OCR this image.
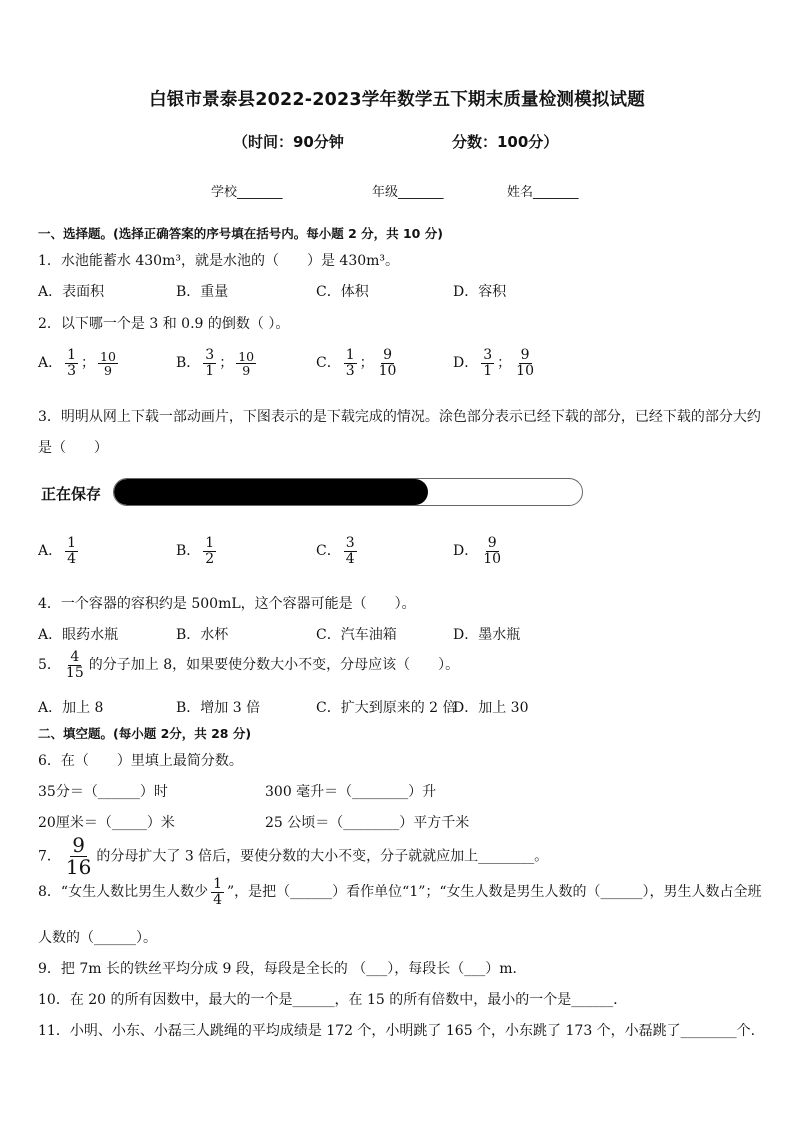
白银市景泰县2022-2023学年数学五下期末质量检测模拟试题
（时间：90分钟	分数：100分）
学校_______	年级_______	姓名_______
一、选择题。(选择正确答案的序号填在括号内。每小题 2 分，共 10 分)
1．水池能蓄水 430m³，就是水池的（　　）是 430m³。
A．表面积	B．重量	C．体积	D．容积
2．以下哪一个是 3 和 0.9 的倒数（ ）。
A． $\frac{1}{3}$ ； $\frac{10}{9}$	B． $\frac{3}{1}$ ； $\frac{10}{9}$	C． $\frac{1}{3}$ ； $\frac{9}{10}$	D． $\frac{3}{1}$ ； $\frac{9}{10}$
3．明明从网上下载一部动画片，下图表示的是下载完成的情况。涂色部分表示已经下载的部分，已经下载的部分大约
是（　　）
正在保存
A． $\frac{1}{4}$	B． $\frac{1}{2}$	C． $\frac{3}{4}$	D． $\frac{9}{10}$
4．一个容器的容积约是 500mL，这个容器可能是（　　）。
A．眼药水瓶	B．水杯	C．汽车油箱	D．墨水瓶
5． $\frac{4}{15}$ 的分子加上 8，如果要使分数大小不变，分母应该（　　）。
A．加上 8	B．增加 3 倍	C．扩大到原来的 2 倍
D．加上 30
二、填空题。(每小题 2分，共 28 分)
6．在（　　）里填上最简分数。
35分＝（______）时	300 毫升＝（________）升
20厘米＝（_____）米	25 公顷＝（________）平方千米
7． $\frac{9}{16}$ 的分母扩大了 3 倍后，要使分数的大小不变，分子就就应加上________。
8．“女生人数比男生人数少 $\frac{1}{4}$ ”，是把（______）看作单位“1”；“女生人数是男生人数的（______），男生人数占全班
人数的（______）。
9．把 7m 长的铁丝平均分成 9 段，每段是全长的 （___），每段长（___）m．
10．在 20 的所有因数中，最大的一个是______，在 15 的所有倍数中，最小的一个是______．
11．小明、小东、小磊三人跳绳的平均成绩是 172 个，小明跳了 165 个，小东跳了 173 个，小磊跳了________个.
